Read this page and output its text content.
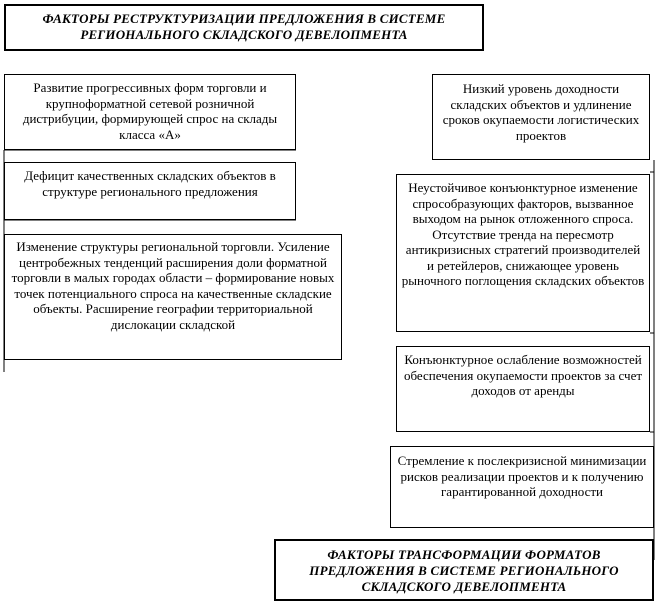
ФАКТОРЫ РЕСТРУКТУРИЗАЦИИ ПРЕДЛОЖЕНИЯ В СИСТЕМЕ РЕГИОНАЛЬНОГО СКЛАДСКОГО ДЕВЕЛОПМЕНТА
Развитие прогрессивных форм торговли и крупноформатной сетевой розничной дистрибуции, формирующей спрос на склады класса «А»
Дефицит качественных складских объектов в структуре регионального предложения
Изменение структуры региональной торговли. Усиление центробежных тенденций расширения доли форматной торговли в малых городах области – формирование новых точек потенциального спроса на качественные складские объекты. Расширение географии территориальной дислокации складской
Низкий уровень доходности складских объектов и удлинение сроков окупаемости логистических проектов
Неустойчивое конъюнктурное изменение спрособразующих факторов, вызванное выходом на рынок отложенного спроса. Отсутствие тренда на пересмотр антикризисных стратегий производителей и ретейлеров, снижающее уровень рыночного поглощения складских объектов
Конъюнктурное ослабление возможностей обеспечения окупаемости проектов за счет доходов от аренды
Стремление к послекризисной минимизации рисков реализации проектов и к получению гарантированной доходности
ФАКТОРЫ ТРАНСФОРМАЦИИ ФОРМАТОВ ПРЕДЛОЖЕНИЯ В СИСТЕМЕ РЕГИОНАЛЬНОГО СКЛАДСКОГО ДЕВЕЛОПМЕНТА
